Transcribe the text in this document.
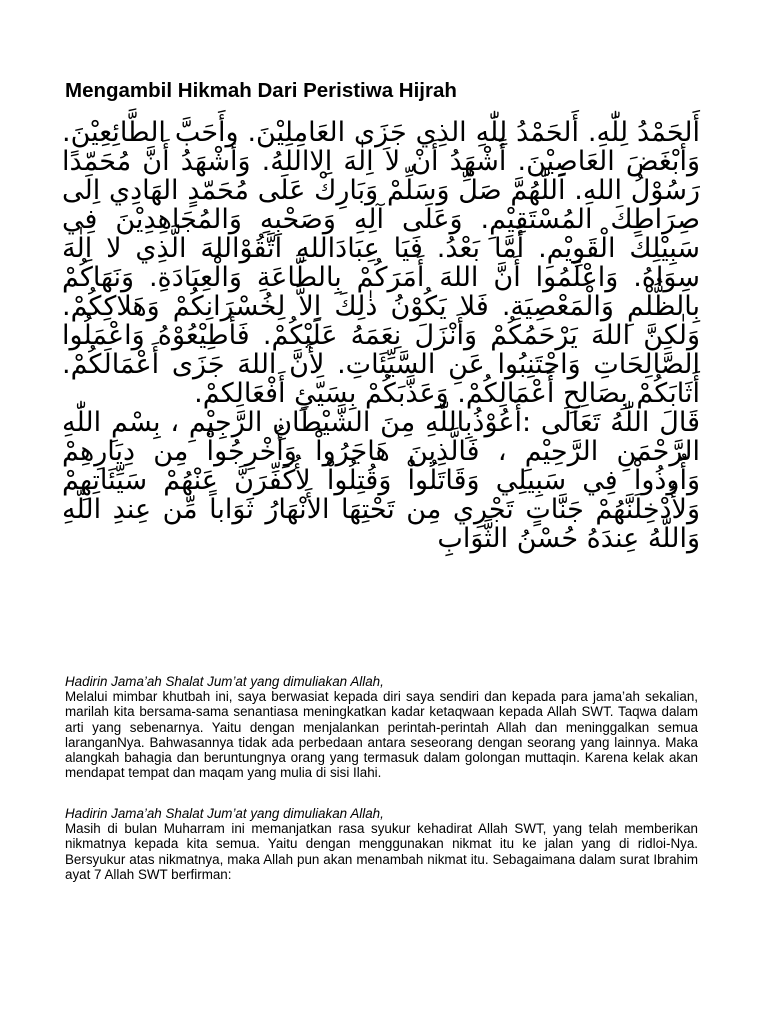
Mengambil Hikmah Dari Peristiwa Hijrah

أَلحَمْدُ لِلّٰهِ. أَلحَمْدُ لِلّٰهِ الذِي جَزَى العَامِلِيْنَ. وأَحَبَّ الطَّائِعِيْنَ. وَأبْغَضَ العَاصِيْنَ. أَشْهَدُ أَنْ لاَ اِلٰهَ اِلااللهُ. وَأشْهَدُ أَنَّ مُحَمّدًا رَسُوْلُ اللهِ. اَللّٰهُمَّ صَلِّ وَسَلِّمْ وَبَارِكْ عَلَى مُحَمّدٍ الهَادِي اِلَى صِرَاطِكَ المُسْتَقِيْمِ. وَعَلَى آلِهِ وَصَحْبِهِ وَالمُجَاهِدِيْنَ فِي سَبِيْلِكَ الْقَوِيْمِ. أَمَّا بَعْدُ. فَيَا عِبَادَاللهِ اتَّقُوْاللهَ الَّذِي لا اِلٰهَ سِوَاهُ. وَاعْلَمُوا أَنَّ اللهَ أَمَرَكُمْ بِالطَّاعَةِ وَالْعِبَادَةِ. وَنَهَاكُمْ بِالظُّلْمِ وَالْمَعْصِيَةِ. فَلا يَكُوْنُ ذٰلِكَ اِلاَّ لِخُسْرَانِكُمْ وَهَلاكِكُمْ. وَلٰكِنَّ اللهَ يَرْحَمُكُمْ وَأَنْزَلَ نِعَمَهُ عَلَيْكُمْ. فَأَطِيْعُوْهُ وَاعْمَلُوا الصَّالِحَاتِ وَاجْتَنِبُوا عَنِ السَّيِّئَاتِ. لِأَنَّ اللهَ جَزَى أَعْمَالَكُمْ. أَثَابَكُمْ بِصَالِحِ أَعْمَالِكُمْ. وَعَذَّبَكُمْ بِسَيّئِ أَفْعَالِكمْ.

قَالَ اللّٰهُ تَعَالَى :أَعُوْذُبِاللّٰهِ مِنَ الشَّيْطَانِ الرَّجِيْمِ ، بِسْمِ اللّٰهِ الرَّحْمَنِ الرَّحِيْمِ ، فَالَّذِينَ هَاجَرُواْ وَأُخْرِجُواْ مِن دِيَارِهِمْ وَأُوذُواْ فِي سَبِيلِي وَقَاتَلُواْ وَقُتِلُواْ لأُكَفِّرَنَّ عَنْهُمْ سَيِّئَاتِهِمْ وَلأُدْخِلَنَّهُمْ جَنَّاتٍ تَجْرِي مِن تَحْتِهَا الأَنْهَارُ ثَوَاباً مِّن عِندِ اللّهِ وَاللّهُ عِندَهُ حُسْنُ الثَّوَابِ

Hadirin Jama’ah Shalat Jum’at yang dimuliakan Allah,
Melalui mimbar khutbah ini, saya berwasiat kepada diri saya sendiri dan kepada para jama’ah sekalian, marilah kita bersama-sama senantiasa meningkatkan kadar ketaqwaan kepada Allah SWT. Taqwa dalam arti yang sebenarnya. Yaitu dengan menjalankan perintah-perintah Allah dan meninggalkan semua laranganNya. Bahwasannya tidak ada perbedaan antara seseorang dengan seorang yang lainnya. Maka alangkah bahagia dan beruntungnya orang yang termasuk dalam golongan muttaqin. Karena kelak akan mendapat tempat dan maqam yang mulia di sisi Ilahi.
Hadirin Jama’ah Shalat Jum’at yang dimuliakan Allah,
Masih di bulan Muharram ini memanjatkan rasa syukur kehadirat Allah SWT, yang telah memberikan nikmatnya kepada kita semua. Yaitu dengan menggunakan nikmat itu ke jalan yang di ridloi-Nya. Bersyukur atas nikmatnya, maka Allah pun akan menambah nikmat itu. Sebagaimana dalam surat Ibrahim ayat 7 Allah SWT berfirman:
